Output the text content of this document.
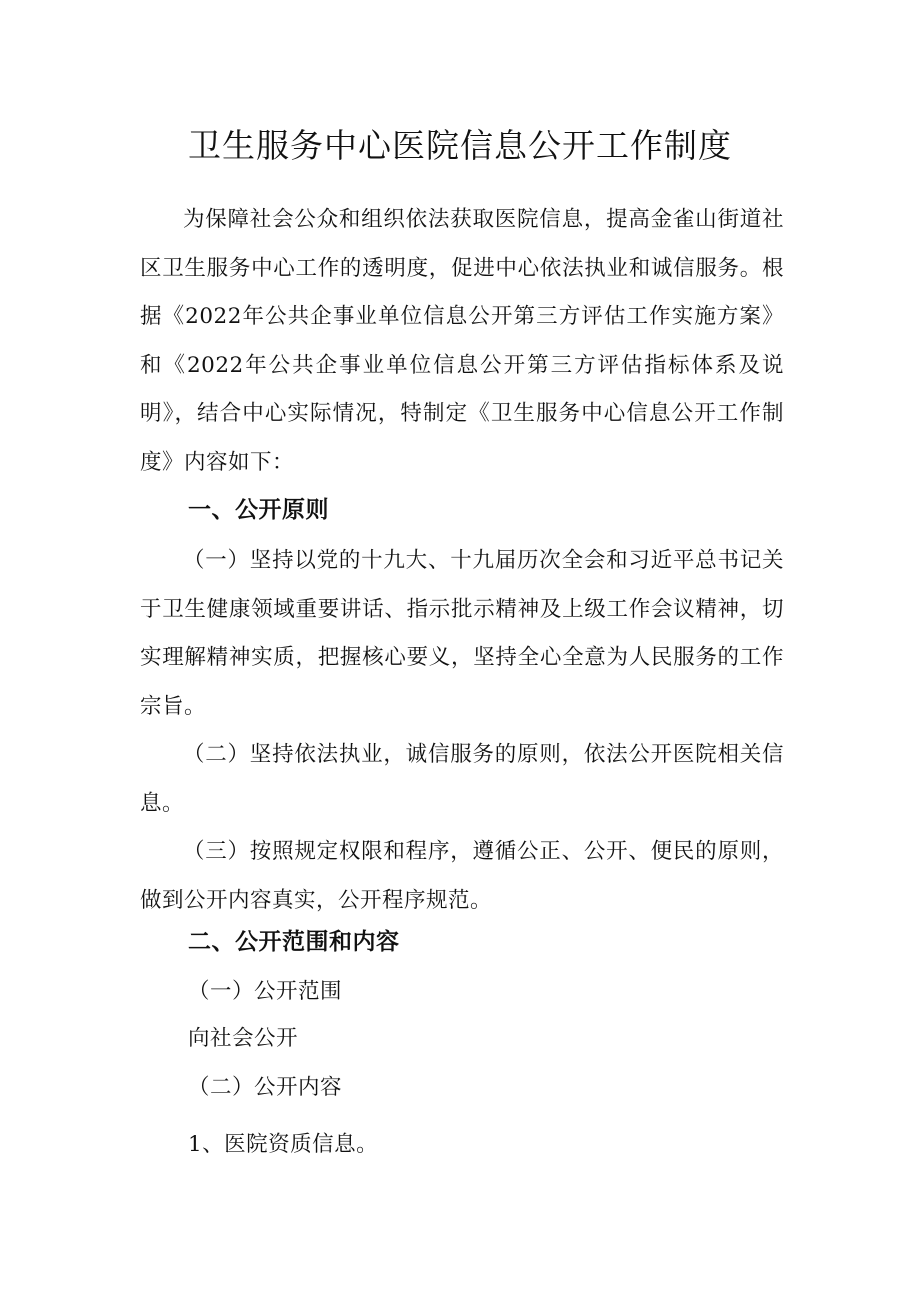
卫生服务中心医院信息公开工作制度

为保障社会公众和组织依法获取医院信息，提高金雀山街道社区卫生服务中心工作的透明度，促进中心依法执业和诚信服务。根据《2022年公共企事业单位信息公开第三方评估工作实施方案》和《2022年公共企事业单位信息公开第三方评估指标体系及说明》，结合中心实际情况，特制定《卫生服务中心信息公开工作制度》内容如下：

一、公开原则

（一）坚持以党的十九大、十九届历次全会和习近平总书记关于卫生健康领域重要讲话、指示批示精神及上级工作会议精神，切实理解精神实质，把握核心要义，坚持全心全意为人民服务的工作宗旨。

（二）坚持依法执业，诚信服务的原则，依法公开医院相关信息。

（三）按照规定权限和程序，遵循公正、公开、便民的原则，做到公开内容真实，公开程序规范。

二、公开范围和内容

（一）公开范围

向社会公开

（二）公开内容

1、医院资质信息。
